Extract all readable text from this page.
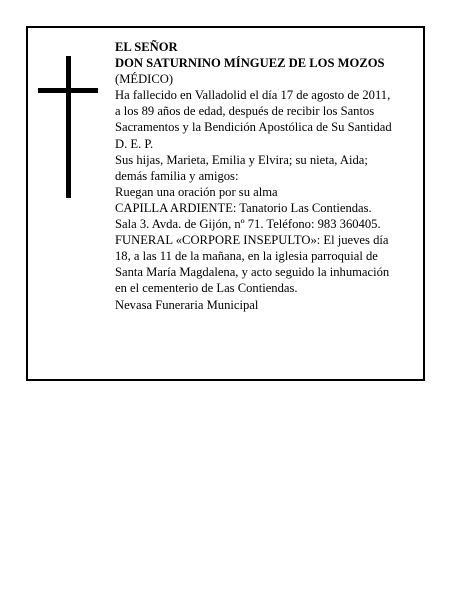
EL SEÑOR
DON SATURNINO MÍNGUEZ DE LOS MOZOS
(MÉDICO)
Ha fallecido en Valladolid el día 17 de agosto de 2011,
a los 89 años de edad, después de recibir los Santos
Sacramentos y la Bendición Apostólica de Su Santidad
D. E. P.
Sus hijas, Marieta, Emilia y Elvira; su nieta, Aida;
demás familia y amigos:
Ruegan una oración por su alma
CAPILLA ARDIENTE: Tanatorio Las Contiendas.
Sala 3. Avda. de Gijón, nº 71. Teléfono: 983 360405.
FUNERAL «CORPORE INSEPULTO»: El jueves día
18, a las 11 de la mañana, en la iglesia parroquial de
Santa María Magdalena, y acto seguido la inhumación
en el cementerio de Las Contiendas.
Nevasa Funeraria Municipal
